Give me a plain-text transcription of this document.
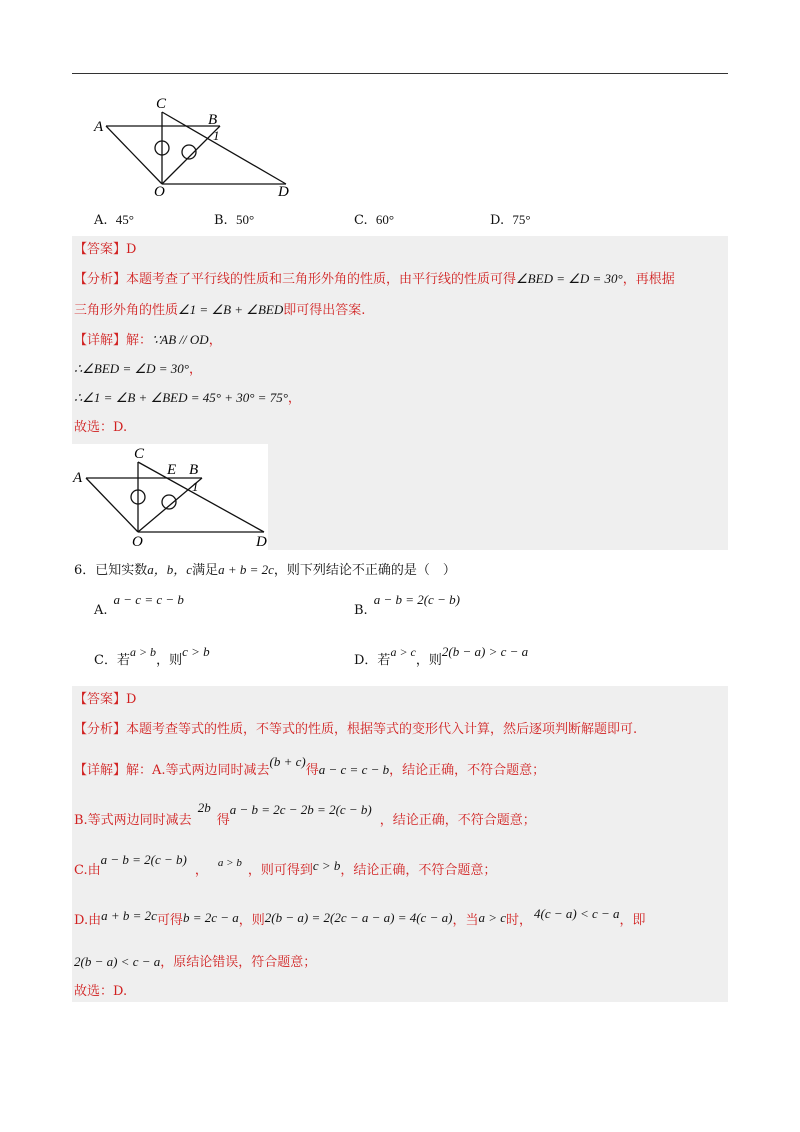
C
A	B
1
O	D
A. 45°	B. 50°	C. 60°	D. 75°
【答案】D
【分析】本题考查了平行线的性质和三角形外角的性质，由平行线的性质可得∠BED = ∠D = 30°，再根据
三角形外角的性质∠1 = ∠B + ∠BED即可得出答案.
【详解】解：∵AB // OD，
∴∠BED = ∠D = 30°，
∴∠1 = ∠B + ∠BED = 45° + 30° = 75°，
故选：D.
C
A	E B
1
O	D
6．已知实数a，b，c满足a + b = 2c，则下列结论不正确的是（　）
A.a − c = c − b
B.a − b = 2(c − b)
C．若a > b，则c > b
D．若a > c，则2(b − a) > c − a
【答案】D
【分析】本题考查等式的性质，不等式的性质，根据等式的变形代入计算，然后逐项判断解题即可.
【详解】解：A.等式两边同时减去(b + c)得a − c = c − b，结论正确，不符合题意；
B.等式两边同时减去2b得a − b = 2c − 2b = 2(c − b)，结论正确，不符合题意；
C.由a − b = 2(c − b)， $^{a > b}$ ，则可得到c > b，结论正确，不符合题意；
D.由a + b = 2c可得b = 2c − a，则2(b − a) = 2(2c − a − a) = 4(c − a)，当a > c时， 4(c − a) < c − a，即
2(b − a) < c − a，原结论错误，符合题意；
故选：D.
